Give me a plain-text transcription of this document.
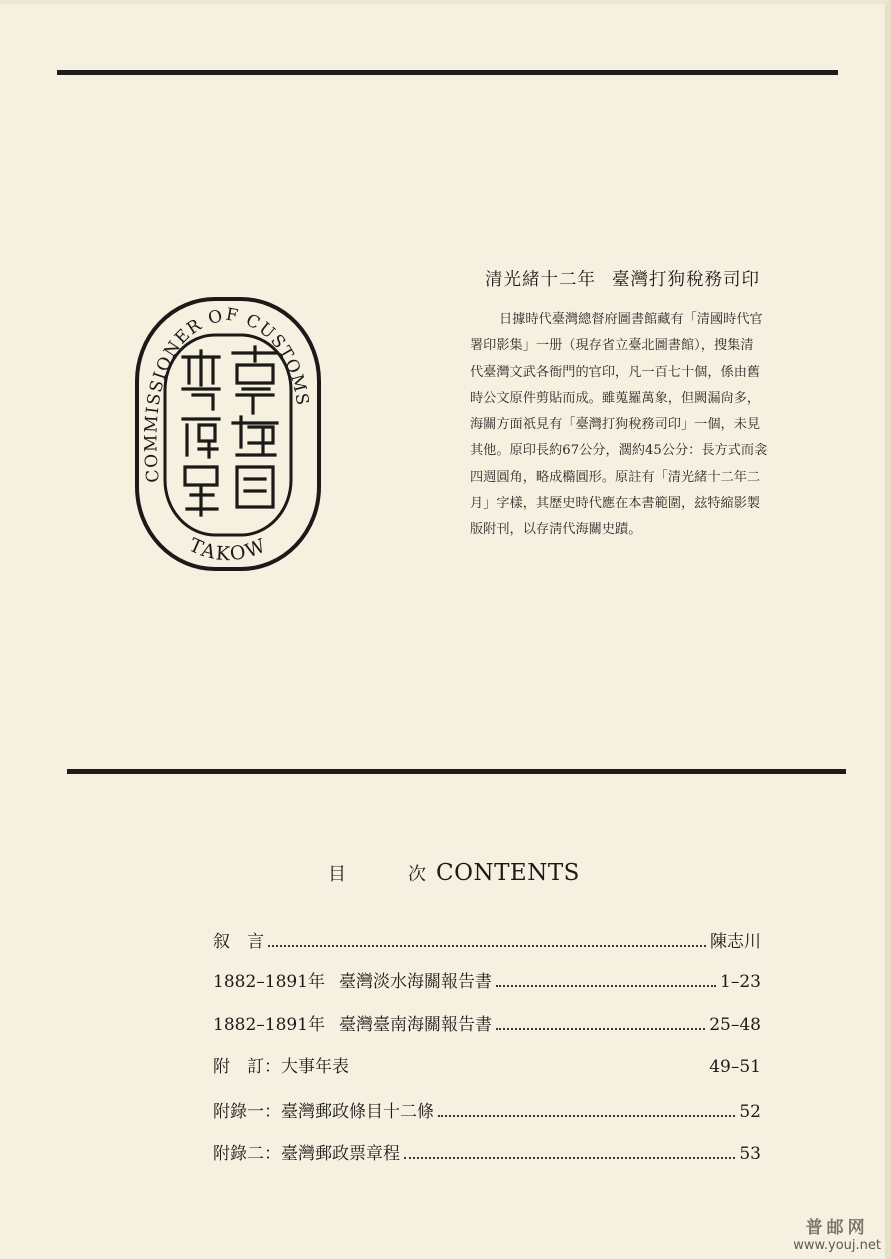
COMMISSIONER OF CUSTOMS
TAKOW
清光緒十二年 臺灣打狗稅務司印
日據時代臺灣總督府圖書館藏有「清國時代官
署印影集」一册（現存省立臺北圖書館），搜集清
代臺灣文武各衙門的官印，凡一百七十個，係由舊
時公文原件剪貼而成。雖蒐羅萬象，但闕漏尙多，
海關方面祇見有「臺灣打狗稅務司印」一個，未見
其他。原印長約67公分，濶約45公分：長方式而衾
四週圓角，略成橢圓形。原註有「清光緒十二年二
月」字樣，其歷史時代應在本書範圍，玆特縮影製
版附刊，以存淸代海關史蹟。
目	次 CONTENTS
叙　言	陳志川
1882–1891年 臺灣淡水海關報告書	1–23
1882–1891年 臺灣臺南海關報告書	25–48
附　訂：大事年表	49–51
附錄一：臺灣郵政條目十二條	52
附錄二：臺灣郵政票章程	53
普邮网
www.youj.net
